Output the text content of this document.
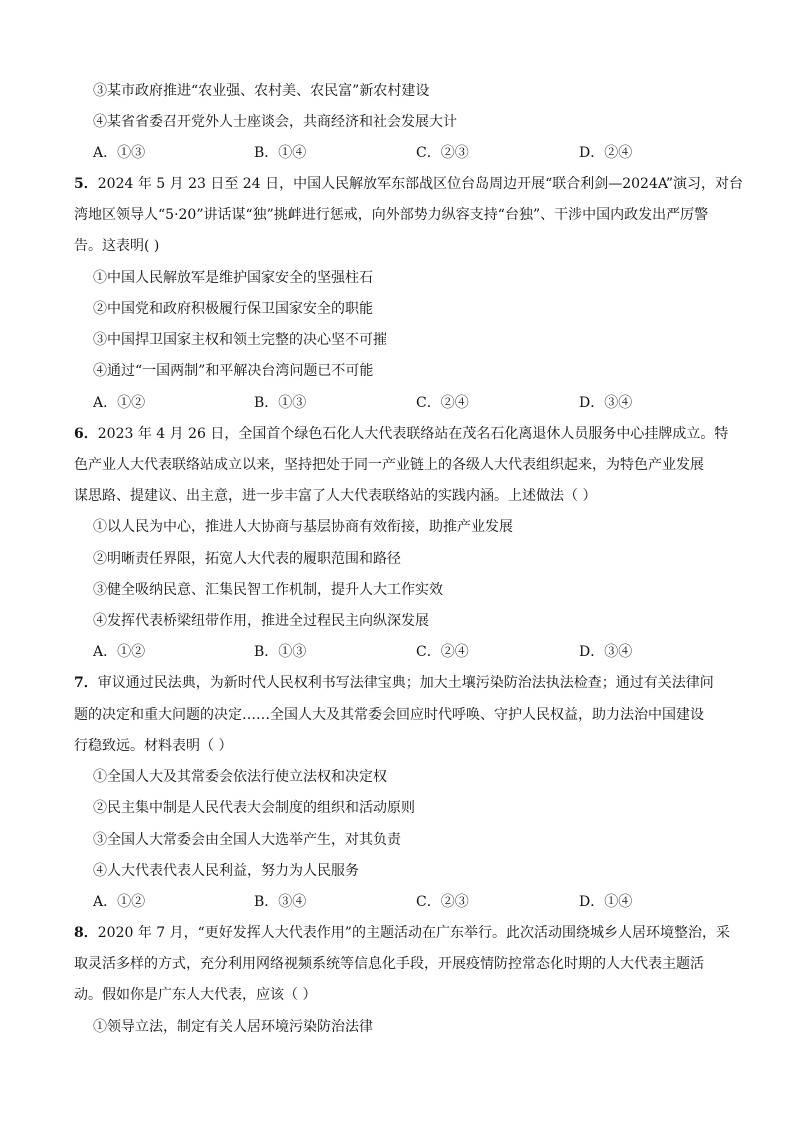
③某市政府推进“农业强、农村美、农民富”新农村建设
④某省省委召开党外人士座谈会，共商经济和社会发展大计
A．①③	B．①④	C．②③	D．②④
5．2024 年 5 月 23 日至 24 日，中国人民解放军东部战区位台岛周边开展“联合利剑—2024A”演习，对台
湾地区领导人“5·20”讲话谋“独”挑衅进行惩戒，向外部势力纵容支持“台独”、干涉中国内政发出严厉警
告。这表明( )
①中国人民解放军是维护国家安全的坚强柱石
②中国党和政府积极履行保卫国家安全的职能
③中国捍卫国家主权和领土完整的决心坚不可摧
④通过“一国两制”和平解决台湾问题已不可能
A．①②	B．①③	C．②④	D．③④
6．2023 年 4 月 26 日，全国首个绿色石化人大代表联络站在茂名石化离退休人员服务中心挂牌成立。特
色产业人大代表联络站成立以来，坚持把处于同一产业链上的各级人大代表组织起来，为特色产业发展
谋思路、提建议、出主意，进一步丰富了人大代表联络站的实践内涵。上述做法（ ）
①以人民为中心，推进人大协商与基层协商有效衔接，助推产业发展
②明晰责任界限，拓宽人大代表的履职范围和路径
③健全吸纳民意、汇集民智工作机制，提升人大工作实效
④发挥代表桥梁纽带作用，推进全过程民主向纵深发展
A．①②	B．①③	C．②④	D．③④
7．审议通过民法典，为新时代人民权利书写法律宝典；加大土壤污染防治法执法检查；通过有关法律问
题的决定和重大问题的决定……全国人大及其常委会回应时代呼唤、守护人民权益，助力法治中国建设
行稳致远。材料表明（ ）
①全国人大及其常委会依法行使立法权和决定权
②民主集中制是人民代表大会制度的组织和活动原则
③全国人大常委会由全国人大选举产生，对其负责
④人大代表代表人民利益，努力为人民服务
A．①②	B．③④	C．②③	D．①④
8．2020 年 7 月，“更好发挥人大代表作用”的主题活动在广东举行。此次活动围绕城乡人居环境整治，采
取灵活多样的方式，充分利用网络视频系统等信息化手段，开展疫情防控常态化时期的人大代表主题活
动。假如你是广东人大代表，应该（ ）
①领导立法，制定有关人居环境污染防治法律
